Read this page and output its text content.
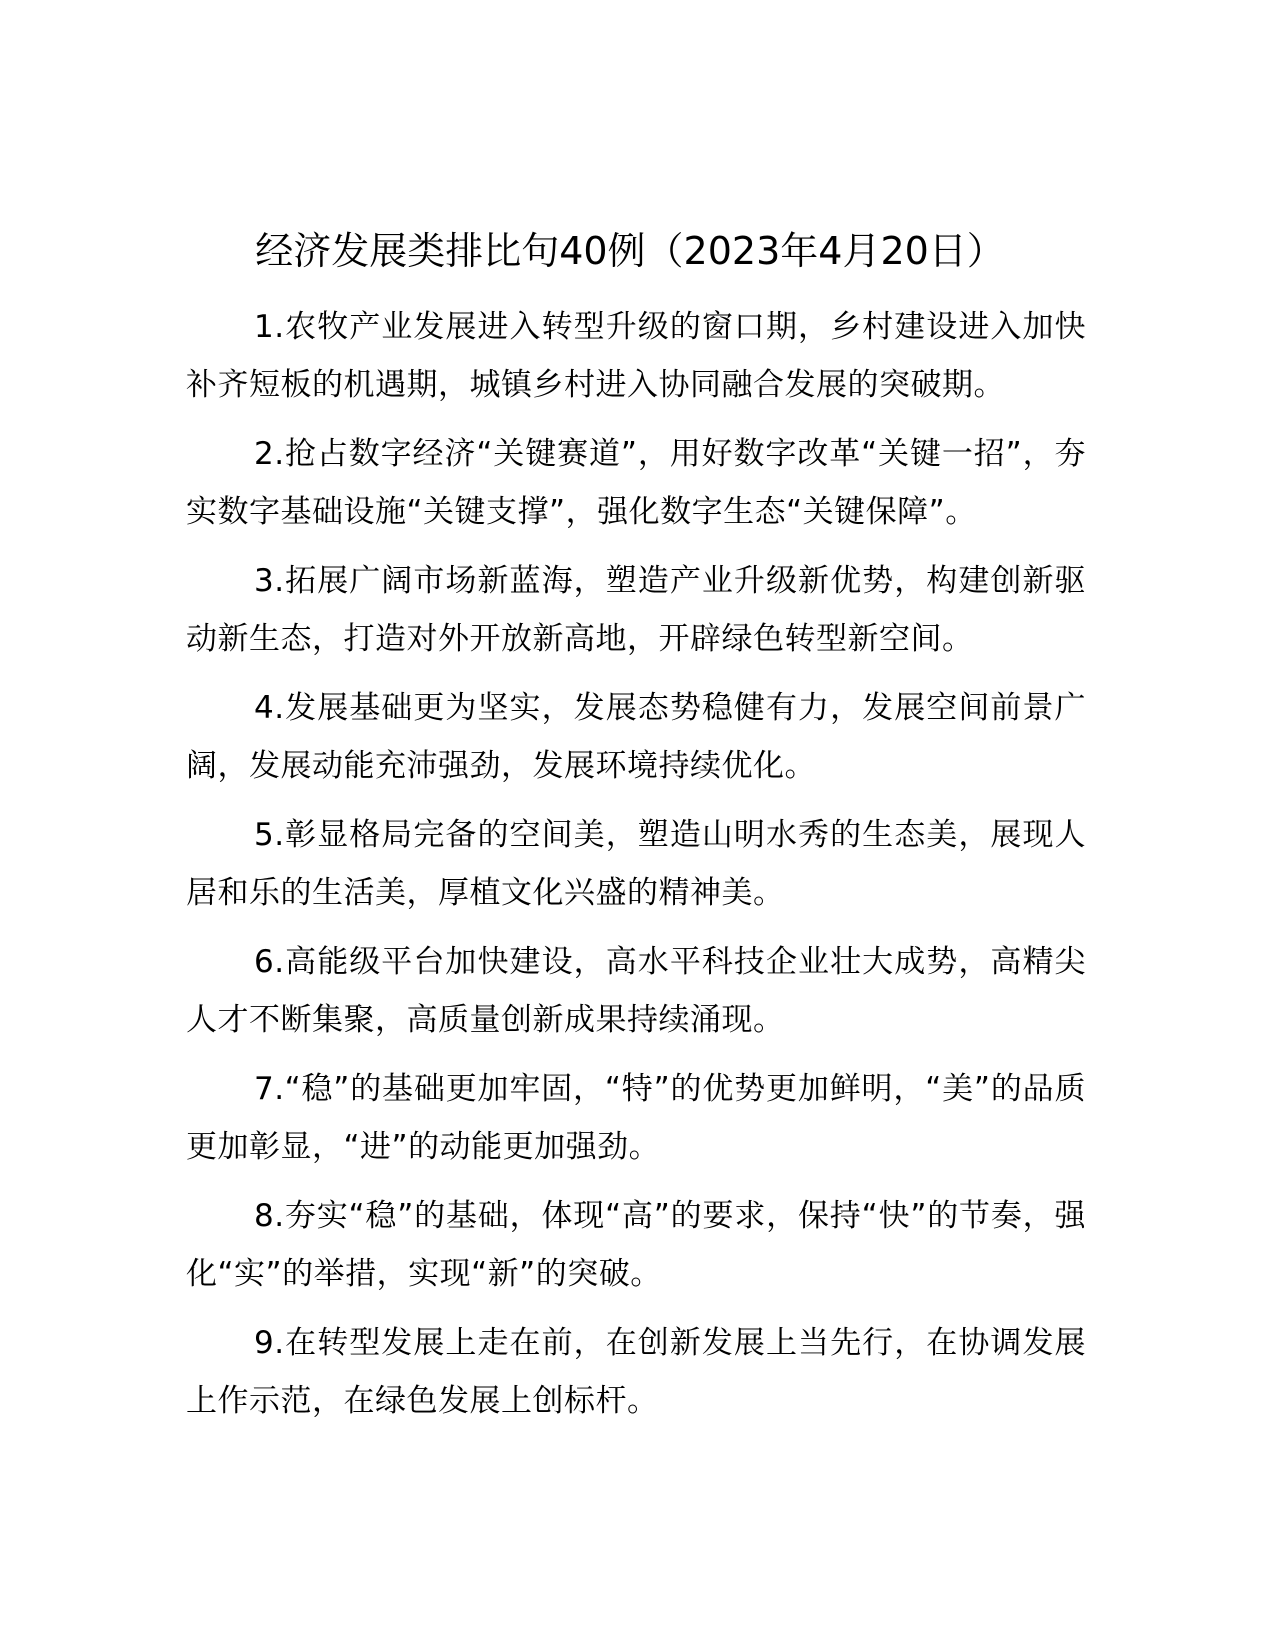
经济发展类排比句40例（2023年4月20日）

1.农牧产业发展进入转型升级的窗口期，乡村建设进入加快补齐短板的机遇期，城镇乡村进入协同融合发展的突破期。

2.抢占数字经济“关键赛道”，用好数字改革“关键一招”，夯实数字基础设施“关键支撑”，强化数字生态“关键保障”。

3.拓展广阔市场新蓝海，塑造产业升级新优势，构建创新驱动新生态，打造对外开放新高地，开辟绿色转型新空间。

4.发展基础更为坚实，发展态势稳健有力，发展空间前景广阔，发展动能充沛强劲，发展环境持续优化。

5.彰显格局完备的空间美，塑造山明水秀的生态美，展现人居和乐的生活美，厚植文化兴盛的精神美。

6.高能级平台加快建设，高水平科技企业壮大成势，高精尖人才不断集聚，高质量创新成果持续涌现。

7.“稳”的基础更加牢固，“特”的优势更加鲜明，“美”的品质更加彰显，“进”的动能更加强劲。

8.夯实“稳”的基础，体现“高”的要求，保持“快”的节奏，强化“实”的举措，实现“新”的突破。

9.在转型发展上走在前，在创新发展上当先行，在协调发展上作示范，在绿色发展上创标杆。
